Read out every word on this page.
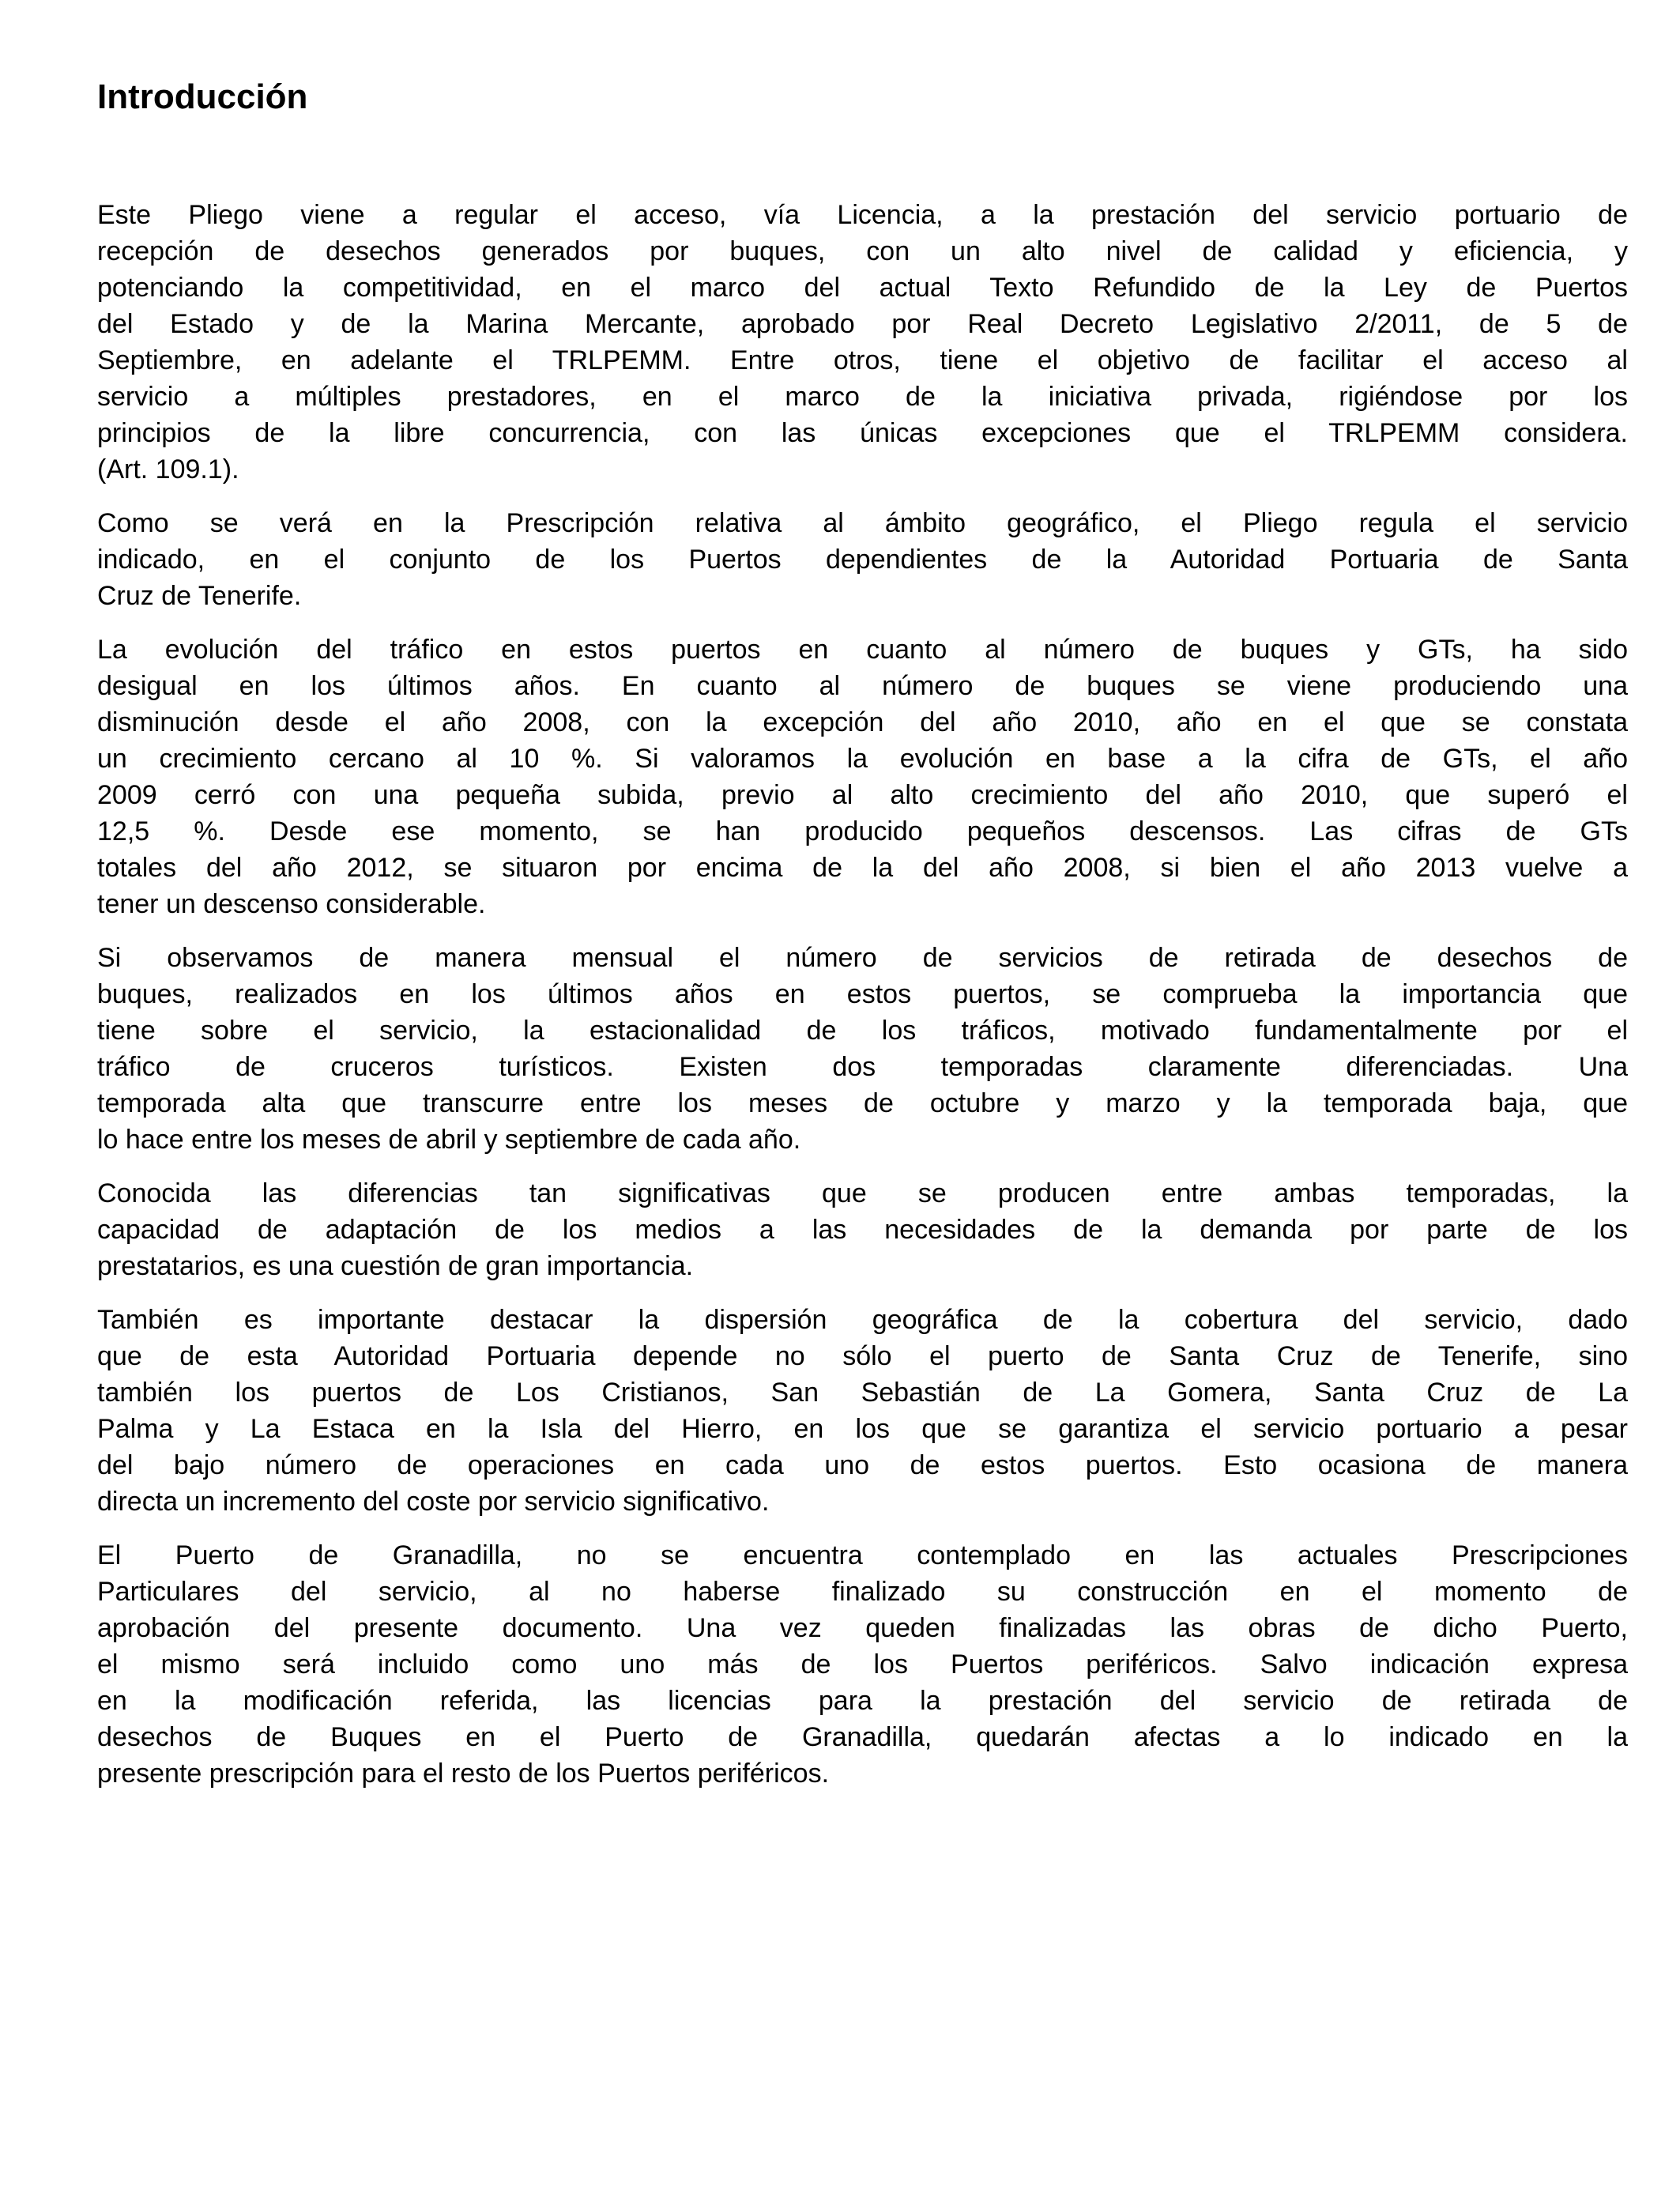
Introducción
Este Pliego viene a regular el acceso, vía Licencia, a la prestación del servicio portuario de
recepción de desechos generados por buques, con un alto nivel de calidad y eficiencia, y
potenciando la competitividad, en el marco del actual Texto Refundido de la Ley de Puertos
del Estado y de la Marina Mercante, aprobado por Real Decreto Legislativo 2/2011, de 5 de
Septiembre, en adelante el TRLPEMM. Entre otros, tiene el objetivo de facilitar el acceso al
servicio a múltiples prestadores, en el marco de la iniciativa privada, rigiéndose por los
principios de la libre concurrencia, con las únicas excepciones que el TRLPEMM considera.
(Art. 109.1).
Como se verá en la Prescripción relativa al ámbito geográfico, el Pliego regula el servicio
indicado, en el conjunto de los Puertos dependientes de la Autoridad Portuaria de Santa
Cruz de Tenerife.
La evolución del tráfico en estos puertos en cuanto al número de buques y GTs, ha sido
desigual en los últimos años. En cuanto al número de buques se viene produciendo una
disminución desde el año 2008, con la excepción del año 2010, año en el que se constata
un crecimiento cercano al 10 %. Si valoramos la evolución en base a la cifra de GTs, el año
2009 cerró con una pequeña subida, previo al alto crecimiento del año 2010, que superó el
12,5 %. Desde ese momento, se han producido pequeños descensos. Las cifras de GTs
totales del año 2012, se situaron por encima de la del año 2008, si bien el año 2013 vuelve a
tener un descenso considerable.
Si observamos de manera mensual el número de servicios de retirada de desechos de
buques, realizados en los últimos años en estos puertos, se comprueba la importancia que
tiene sobre el servicio, la estacionalidad de los tráficos, motivado fundamentalmente por el
tráfico de cruceros turísticos. Existen dos temporadas claramente diferenciadas. Una
temporada alta que transcurre entre los meses de octubre y marzo y la temporada baja, que
lo hace entre los meses de abril y septiembre de cada año.
Conocida las diferencias tan significativas que se producen entre ambas temporadas, la
capacidad de adaptación de los medios a las necesidades de la demanda por parte de los
prestatarios, es una cuestión de gran importancia.
También es importante destacar la dispersión geográfica de la cobertura del servicio, dado
que de esta Autoridad Portuaria depende no sólo el puerto de Santa Cruz de Tenerife, sino
también los puertos de Los Cristianos, San Sebastián de La Gomera, Santa Cruz de La
Palma y La Estaca en la Isla del Hierro, en los que se garantiza el servicio portuario a pesar
del bajo número de operaciones en cada uno de estos puertos. Esto ocasiona de manera
directa un incremento del coste por servicio significativo.
El Puerto de Granadilla, no se encuentra contemplado en las actuales Prescripciones
Particulares del servicio, al no haberse finalizado su construcción en el momento de
aprobación del presente documento. Una vez queden finalizadas las obras de dicho Puerto,
el mismo será incluido como uno más de los Puertos periféricos. Salvo indicación expresa
en la modificación referida, las licencias para la prestación del servicio de retirada de
desechos de Buques en el Puerto de Granadilla, quedarán afectas a lo indicado en la
presente prescripción para el resto de los Puertos periféricos.
